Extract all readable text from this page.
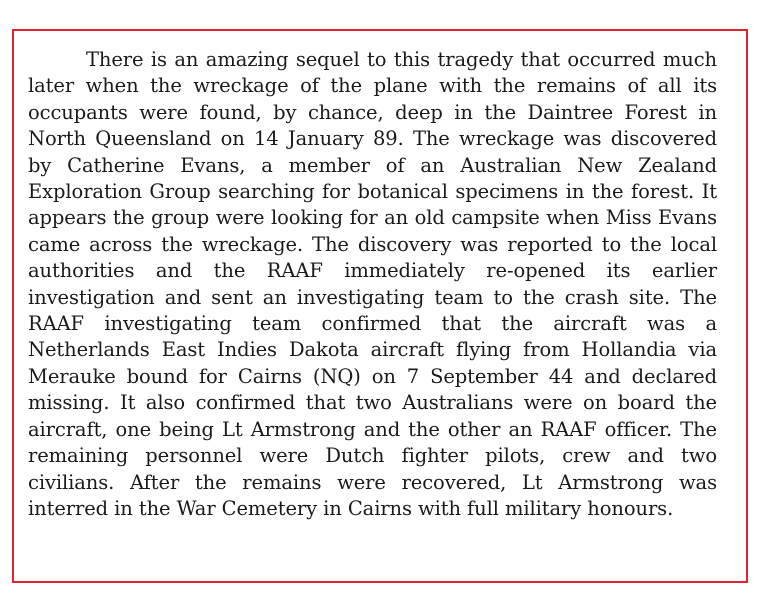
There is an amazing sequel to this tragedy that occurred much later when the wreckage of the plane with the remains of all its occupants were found, by chance, deep in the Daintree Forest in North Queensland on 14 January 89. The wreckage was discovered by Catherine Evans, a member of an Australian New Zealand Exploration Group searching for botanical specimens in the forest. It appears the group were looking for an old campsite when Miss Evans came across the wreckage. The discovery was reported to the local authorities and the RAAF immediately re-opened its earlier investigation and sent an investigating team to the crash site. The RAAF investigating team confirmed that the aircraft was a Netherlands East Indies Dakota aircraft flying from Hollandia via Merauke bound for Cairns (NQ) on 7 September 44 and declared missing. It also confirmed that two Australians were on board the aircraft, one being Lt Armstrong and the other an RAAF officer. The remaining personnel were Dutch fighter pilots, crew and two civilians. After the remains were recovered, Lt Armstrong was interred in the War Cemetery in Cairns with full military honours.
